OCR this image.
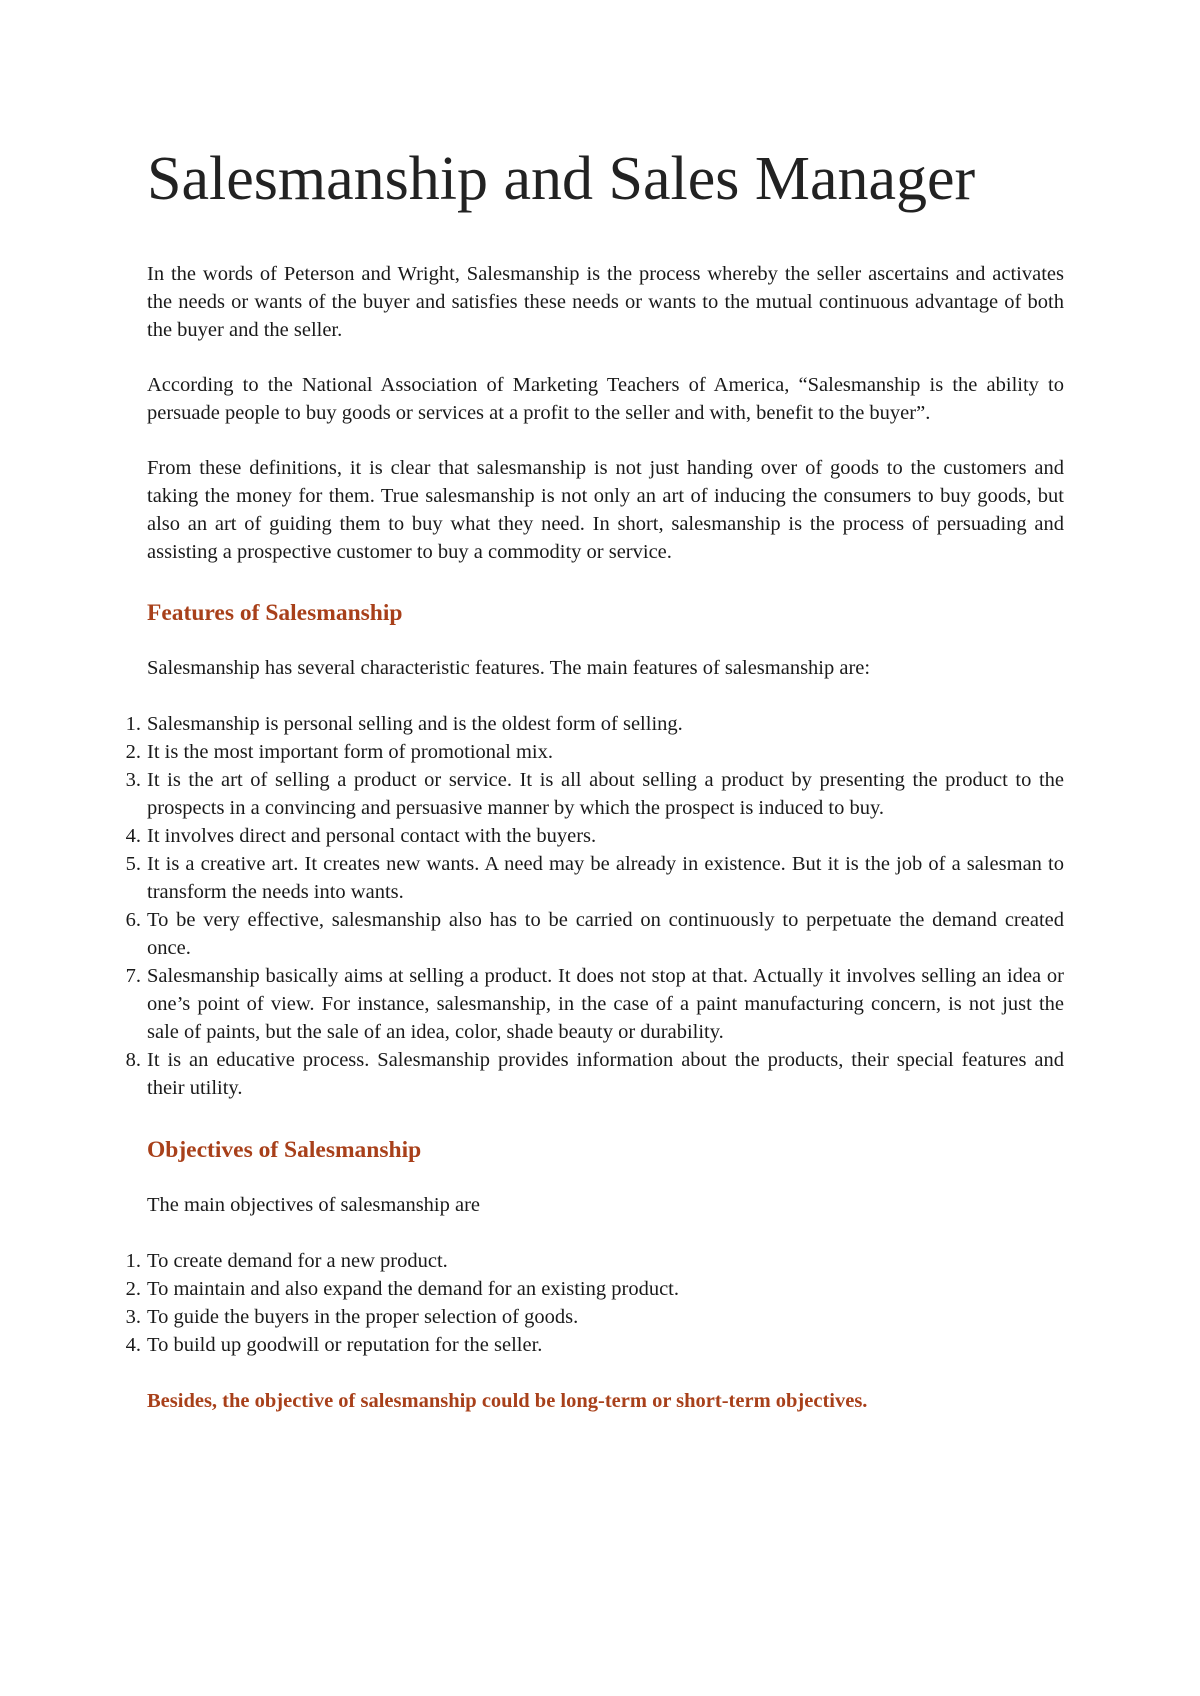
Salesmanship and Sales Manager

In the words of Peterson and Wright, Salesmanship is the process whereby the seller ascertains and activates the needs or wants of the buyer and satisfies these needs or wants to the mutual continuous advantage of both the buyer and the seller.

According to the National Association of Marketing Teachers of America, “Salesmanship is the ability to persuade people to buy goods or services at a profit to the seller and with, benefit to the buyer”.

From these definitions, it is clear that salesmanship is not just handing over of goods to the customers and taking the money for them. True salesmanship is not only an art of inducing the consumers to buy goods, but also an art of guiding them to buy what they need. In short, salesmanship is the process of persuading and assisting a prospective customer to buy a commodity or service.

Features of Salesmanship

Salesmanship has several characteristic features. The main features of salesmanship are:

1. Salesmanship is personal selling and is the oldest form of selling.
2. It is the most important form of promotional mix.
3. It is the art of selling a product or service. It is all about selling a product by presenting the product to the prospects in a convincing and persuasive manner by which the prospect is induced to buy.
4. It involves direct and personal contact with the buyers.
5. It is a creative art. It creates new wants. A need may be already in existence. But it is the job of a salesman to transform the needs into wants.
6. To be very effective, salesmanship also has to be carried on continuously to perpetuate the demand created once.
7. Salesmanship basically aims at selling a product. It does not stop at that. Actually it involves selling an idea or one’s point of view. For instance, salesmanship, in the case of a paint manufacturing concern, is not just the sale of paints, but the sale of an idea, color, shade beauty or durability.
8. It is an educative process. Salesmanship provides information about the products, their special features and their utility.
Objectives of Salesmanship

The main objectives of salesmanship are

1. To create demand for a new product.
2. To maintain and also expand the demand for an existing product.
3. To guide the buyers in the proper selection of goods.
4. To build up goodwill or reputation for the seller.

Besides, the objective of salesmanship could be long-term or short-term objectives.
